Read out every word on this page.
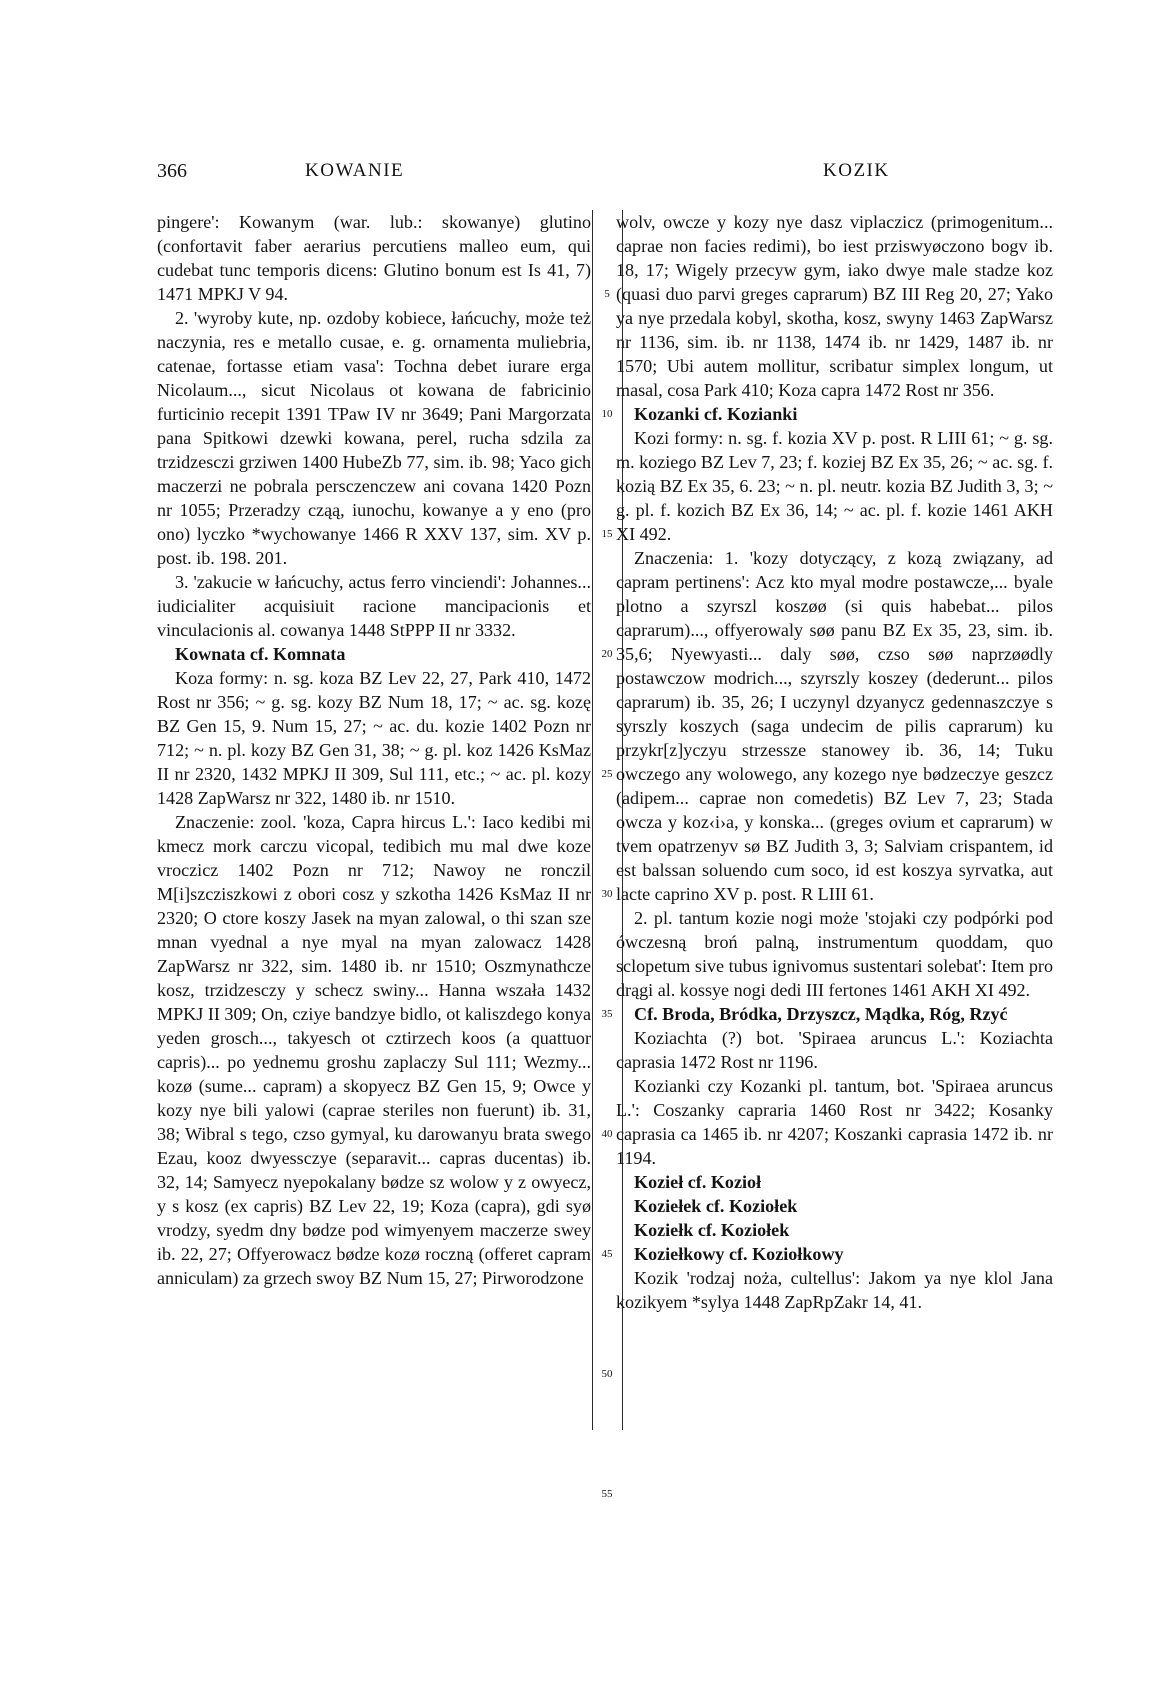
366	KOWANIE	KOZIK

pingere': Kowanym (war. lub.: skowanye) glutino (confortavit faber aerarius percutiens malleo eum, qui cudebat tunc temporis dicens: Glutino bonum est Is 41, 7) 1471 MPKJ V 94.

2. 'wyroby kute, np. ozdoby kobiece, łańcuchy, może też naczynia, res e metallo cusae, e. g. ornamenta muliebria, catenae, fortasse etiam vasa': Tochna debet iurare erga Nicolaum..., sicut Nicolaus ot kowana de fabricinio furticinio recepit 1391 TPaw IV nr 3649; Pani Margorzata pana Spitkowi dzewki kowana, perel, rucha sdzila za trzidzesczi grziwen 1400 HubeZb 77, sim. ib. 98; Yaco gich maczerzi ne pobrala persczenczew ani covana 1420 Pozn nr 1055; Przeradzy cząą, iunochu, kowanye a y eno (pro ono) lyczko *wychowanye 1466 R XXV 137, sim. XV p. post. ib. 198. 201.

3. 'zakucie w łańcuchy, actus ferro vinciendi': Johannes... iudicialiter acquisiuit racione mancipacionis et vinculacionis al. cowanya 1448 StPPP II nr 3332.

Kownata cf. Komnata

Koza formy: n. sg. koza BZ Lev 22, 27, Park 410, 1472 Rost nr 356; ~ g. sg. kozy BZ Num 18, 17; ~ ac. sg. kozę BZ Gen 15, 9. Num 15, 27; ~ ac. du. kozie 1402 Pozn nr 712; ~ n. pl. kozy BZ Gen 31, 38; ~ g. pl. koz 1426 KsMaz II nr 2320, 1432 MPKJ II 309, Sul 111, etc.; ~ ac. pl. kozy 1428 ZapWarsz nr 322, 1480 ib. nr 1510.

Znaczenie: zool. 'koza, Capra hircus L.': Iaco kedibi mi kmecz mork carczu vicopal, tedibich mu mal dwe koze vroczicz 1402 Pozn nr 712; Nawoy ne ronczil M[i]szcziszkowi z obori cosz y szkotha 1426 KsMaz II nr 2320; O ctore koszy Jasek na myan zalowal, o thi szan sze mnan vyednal a nye myal na myan zalowacz 1428 ZapWarsz nr 322, sim. 1480 ib. nr 1510; Oszmynathcze kosz, trzidzesczy y schecz swiny... Hanna wszała 1432 MPKJ II 309; On, cziye bandzye bidlo, ot kaliszdego konya yeden grosch..., takyesch ot cztirzech koos (a quattuor capris)... po yednemu groshu zaplaczy Sul 111; Wezmy... kozø (sume... capram) a skopyecz BZ Gen 15, 9; Owce y kozy nye bili yalowi (caprae steriles non fuerunt) ib. 31, 38; Wibral s tego, czso gymyal, ku darowanyu brata swego Ezau, kooz dwyessczye (separavit... capras ducentas) ib. 32, 14; Samyecz nyepokalany bødze sz wolow y z owyecz, y s kosz (ex capris) BZ Lev 22, 19; Koza (capra), gdi syø vrodzy, syedm dny bødze pod wimyenyem maczerze swey ib. 22, 27; Offyerowacz bødze kozø roczną (offeret capram anniculam) za grzech swoy BZ Num 15, 27; Pirworodzone

5
10
15
20
25
30
35
40
45
50
55

wolv, owcze y kozy nye dasz viplaczicz (primogenitum... caprae non facies redimi), bo iest prziswyøczono bogv ib. 18, 17; Wigely przecyw gym, iako dwye male stadze koz (quasi duo parvi greges caprarum) BZ III Reg 20, 27; Yako ya nye przedala kobyl, skotha, kosz, swyny 1463 ZapWarsz nr 1136, sim. ib. nr 1138, 1474 ib. nr 1429, 1487 ib. nr 1570; Ubi autem mollitur, scribatur simplex longum, ut masal, cosa Park 410; Koza capra 1472 Rost nr 356.

Kozanki cf. Kozianki

Kozi formy: n. sg. f. kozia XV p. post. R LIII 61; ~ g. sg. m. koziego BZ Lev 7, 23; f. koziej BZ Ex 35, 26; ~ ac. sg. f. kozią BZ Ex 35, 6. 23; ~ n. pl. neutr. kozia BZ Judith 3, 3; ~ g. pl. f. kozich BZ Ex 36, 14; ~ ac. pl. f. kozie 1461 AKH XI 492.

Znaczenia: 1. 'kozy dotyczący, z kozą związany, ad capram pertinens': Acz kto myal modre postawcze,... byale plotno a szyrszl koszøø (si quis habebat... pilos caprarum)..., offyerowaly søø panu BZ Ex 35, 23, sim. ib. 35,6; Nyewyasti... daly søø, czso søø naprzøødly postawczow modrich..., szyrszly koszey (dederunt... pilos caprarum) ib. 35, 26; I uczynyl dzyanycz gedennaszczye s syrszly koszych (saga undecim de pilis caprarum) ku przykr[z]yczyu strzessze stanowey ib. 36, 14; Tuku owczego any wolowego, any kozego nye bødzeczye geszcz (adipem... caprae non comedetis) BZ Lev 7, 23; Stada owcza y koz‹i›a, y konska... (greges ovium et caprarum) w tvem opatrzenyv sø BZ Judith 3, 3; Salviam crispantem, id est balssan soluendo cum soco, id est koszya syrvatka, aut lacte caprino XV p. post. R LIII 61.

2. pl. tantum kozie nogi może 'stojaki czy podpórki pod ówczesną broń palną, instrumentum quoddam, quo sclopetum sive tubus ignivomus sustentari solebat': Item pro drągi al. kossye nogi dedi III fertones 1461 AKH XI 492.

Cf. Broda, Bródka, Drzyszcz, Mądka, Róg, Rzyć

Koziachta (?) bot. 'Spiraea aruncus L.': Koziachta caprasia 1472 Rost nr 1196.

Kozianki czy Kozanki pl. tantum, bot. 'Spiraea aruncus L.': Coszanky capraria 1460 Rost nr 3422; Kosanky caprasia ca 1465 ib. nr 4207; Koszanki caprasia 1472 ib. nr 1194.

Kozieł cf. Kozioł

Koziełek cf. Koziołek

Koziełk cf. Koziołek

Koziełkowy cf. Koziołkowy

Kozik 'rodzaj noża, cultellus': Jakom ya nye klol Jana kozikyem *sylya 1448 ZapRpZakr 14, 41.
